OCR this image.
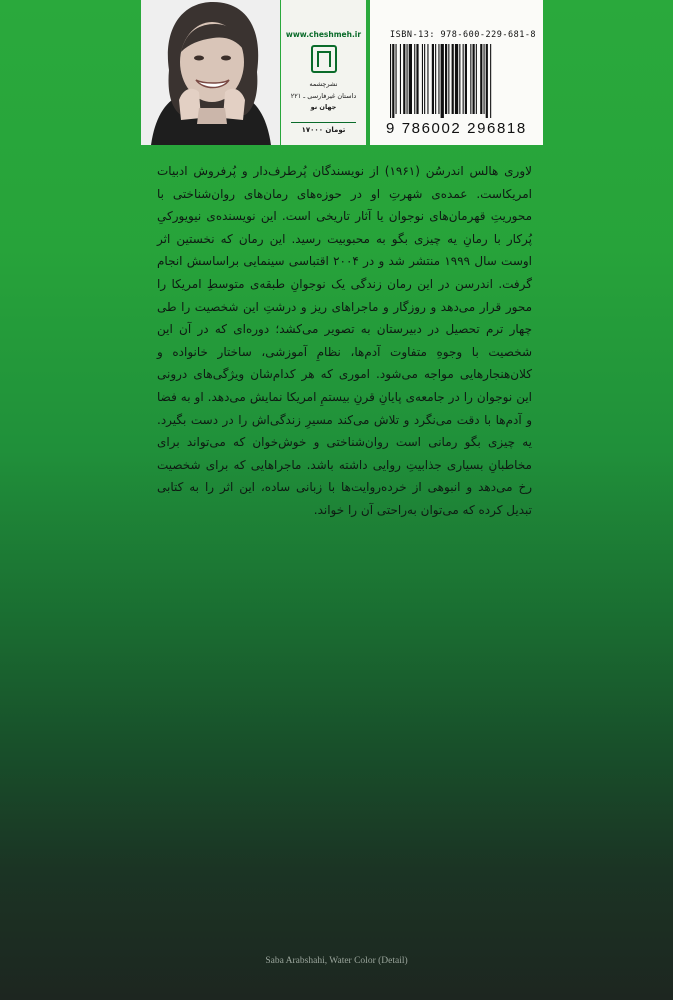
www.cheshmeh.ir
نشرچشمه
داستان غیرفارسی ـ ۲۲۱
جهان نو
۱۷۰۰۰ تومان
ISBN-13: 978-600-229-681-8
9 786002 296818
لاوری هالس اندرسُن (۱۹۶۱) از نویسندگان پُرطرف‌دار و پُرفروش ادبیات امریکاست. عمده‌ی شهرتِ او در حوزه‌های رمان‌های روان‌شناختی با محوریتِ قهرمان‌های نوجوان یا آثار تاریخی است. این نویسنده‌ی نیویورکیِ پُرکار با رمانِ یه چیزی بگو به محبوبیت رسید. این رمان که نخستین اثر اوست سال ۱۹۹۹ منتشر شد و در ۲۰۰۴ اقتباسی سینمایی براساسش انجام گرفت. اندرسن در این رمان زندگی یک نوجوانِ طبقه‌ی متوسطِ امریکا را محور قرار می‌دهد و روزگار و ماجراهای ریز و درشتِ این شخصیت را طی چهار ترم تحصیل در دبیرستان به تصویر می‌کشد؛ دوره‌ای که در آن این شخصیت با وجوهِ متفاوت آدم‌ها، نظامِ آموزشی، ساختار خانواده و کلان‌هنجارهایی مواجه می‌شود. اموری که هر کدام‌شان ویژگی‌های درونی این نوجوان را در جامعه‌ی پایانِ قرنِ بیستمِ امریکا نمایش می‌دهد. او به فضا و آدم‌ها با دقت می‌نگرد و تلاش می‌کند مسیرِ زندگی‌اش را در دست بگیرد. یه چیزی بگو رمانی است روان‌شناختی و خوش‌خوان که می‌تواند برای مخاطبانِ بسیاری جذابیتِ روایی داشته باشد. ماجراهایی که برای شخصیت رخ می‌دهد و انبوهی از خرده‌روایت‌ها با زبانی ساده، این اثر را به کتابی تبدیل کرده که می‌توان به‌راحتی آن را خواند.
Saba Arabshahi, Water Color (Detail)
